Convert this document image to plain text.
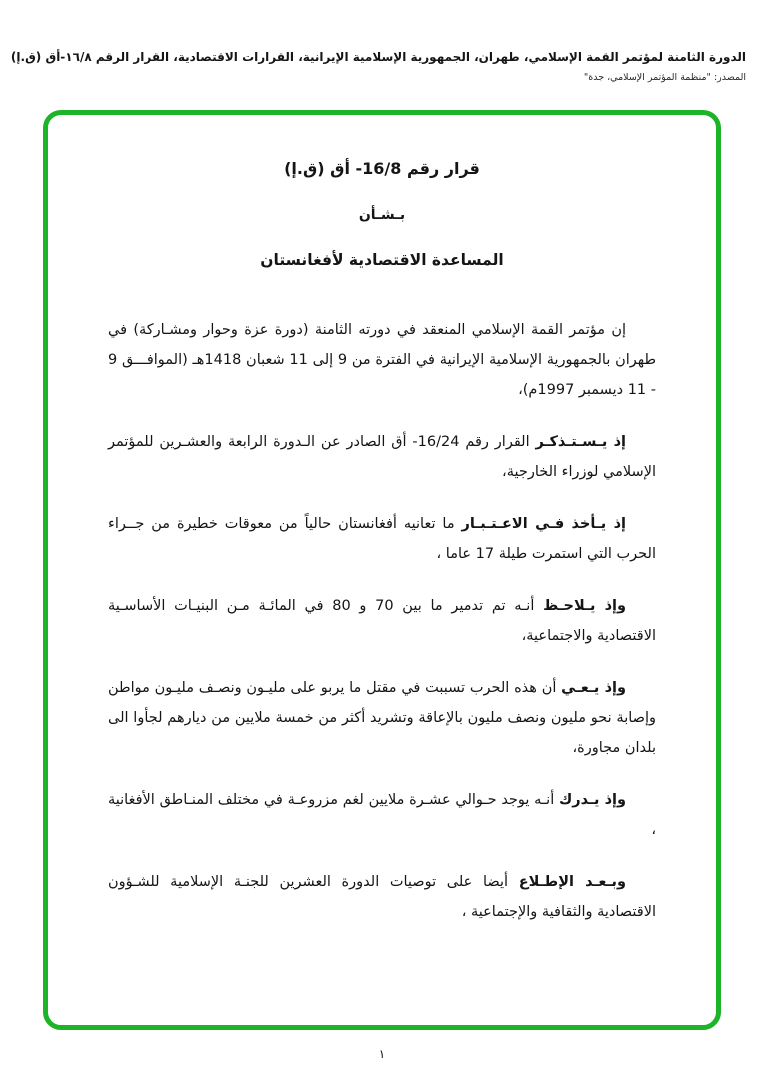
الدورة الثامنة لمؤتمر القمة الإسلامي، طهران، الجمهورية الإسلامية الإيرانية، القرارات الاقتصادية، القرار الرقم ١٦/٨-أق (ق.إ)
المصدر: "منظمة المؤتمر الإسلامي، جدة"
قرار رقم 16/8- أق (ق.إ)
بـشـأن
المساعدة الاقتصادية لأفغانستان

إن مؤتمر القمة الإسلامي المنعقد في دورته الثامنة (دورة عزة وحوار ومشـاركة) في طهران بالجمهورية الإسلامية الإيرانية في الفترة من 9 إلى 11 شعبان 1418هـ (الموافـــق 9 - 11 ديسمبر 1997م)،

إذ يـسـتـذكـر القرار رقم 16/24- أق الصادر عن الـدورة الرابعة والعشـرين للمؤتمر الإسلامي لوزراء الخارجية،

إذ يـأخذ فـي الاعـتـبـار ما تعانيه أفغانستان حالياً من معوقات خطيرة من جــراء الحرب التي استمرت طيلة 17 عاما ،

وإذ يـلاحـظ أنـه تم تدمير ما بين 70 و 80 في المائـة مـن البنيـات الأساسـية الاقتصادية والاجتماعية،

وإذ يـعـي أن هذه الحرب تسببت في مقتل ما يربو على مليـون ونصـف مليـون مواطن وإصابة نحو مليون ونصف مليون بالإعاقة وتشريد أكثر من خمسة ملايين من ديارهم لجأوا الى بلدان مجاورة،

وإذ يـدرك أنـه يوجد حـوالي عشـرة ملايين لغم مزروعـة في مختلف المنـاطق الأفغانية ،

وبـعـد الإطـلاع أيضا على توصيات الدورة العشرين للجنـة الإسلامية للشـؤون الاقتصادية والثقافية والإجتماعية ،

١
